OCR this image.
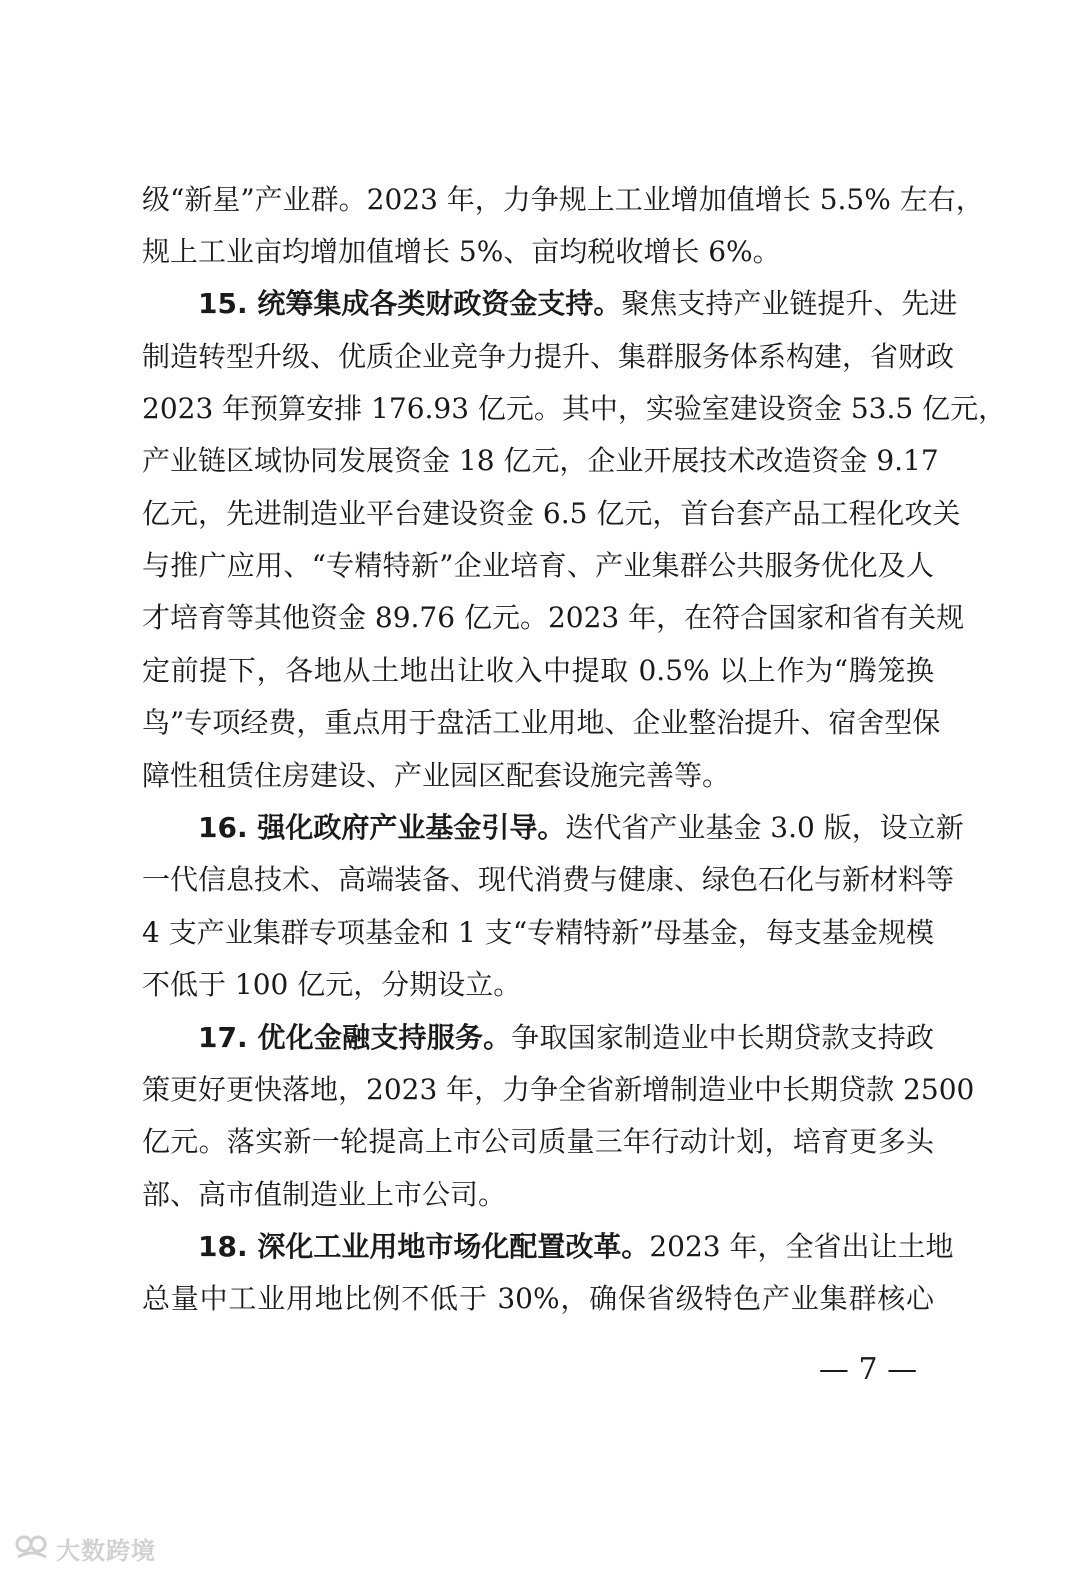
级“新星”产业群。2023 年，力争规上工业增加值增长 5.5% 左右，
规上工业亩均增加值增长 5%、亩均税收增长 6%。
15. 统筹集成各类财政资金支持。聚焦支持产业链提升、先进
制造转型升级、优质企业竞争力提升、集群服务体系构建，省财政
2023 年预算安排 176.93 亿元。其中，实验室建设资金 53.5 亿元，
产业链区域协同发展资金 18 亿元，企业开展技术改造资金 9.17
亿元，先进制造业平台建设资金 6.5 亿元，首台套产品工程化攻关
与推广应用、“专精特新”企业培育、产业集群公共服务优化及人
才培育等其他资金 89.76 亿元。2023 年，在符合国家和省有关规
定前提下，各地从土地出让收入中提取 0.5% 以上作为“腾笼换
鸟”专项经费，重点用于盘活工业用地、企业整治提升、宿舍型保
障性租赁住房建设、产业园区配套设施完善等。
16. 强化政府产业基金引导。迭代省产业基金 3.0 版，设立新
一代信息技术、高端装备、现代消费与健康、绿色石化与新材料等
4 支产业集群专项基金和 1 支“专精特新”母基金，每支基金规模
不低于 100 亿元，分期设立。
17. 优化金融支持服务。争取国家制造业中长期贷款支持政
策更好更快落地，2023 年，力争全省新增制造业中长期贷款 2500
亿元。落实新一轮提高上市公司质量三年行动计划，培育更多头
部、高市值制造业上市公司。
18. 深化工业用地市场化配置改革。2023 年，全省出让土地
总量中工业用地比例不低于 30%，确保省级特色产业集群核心
— 7 —
大数跨境
